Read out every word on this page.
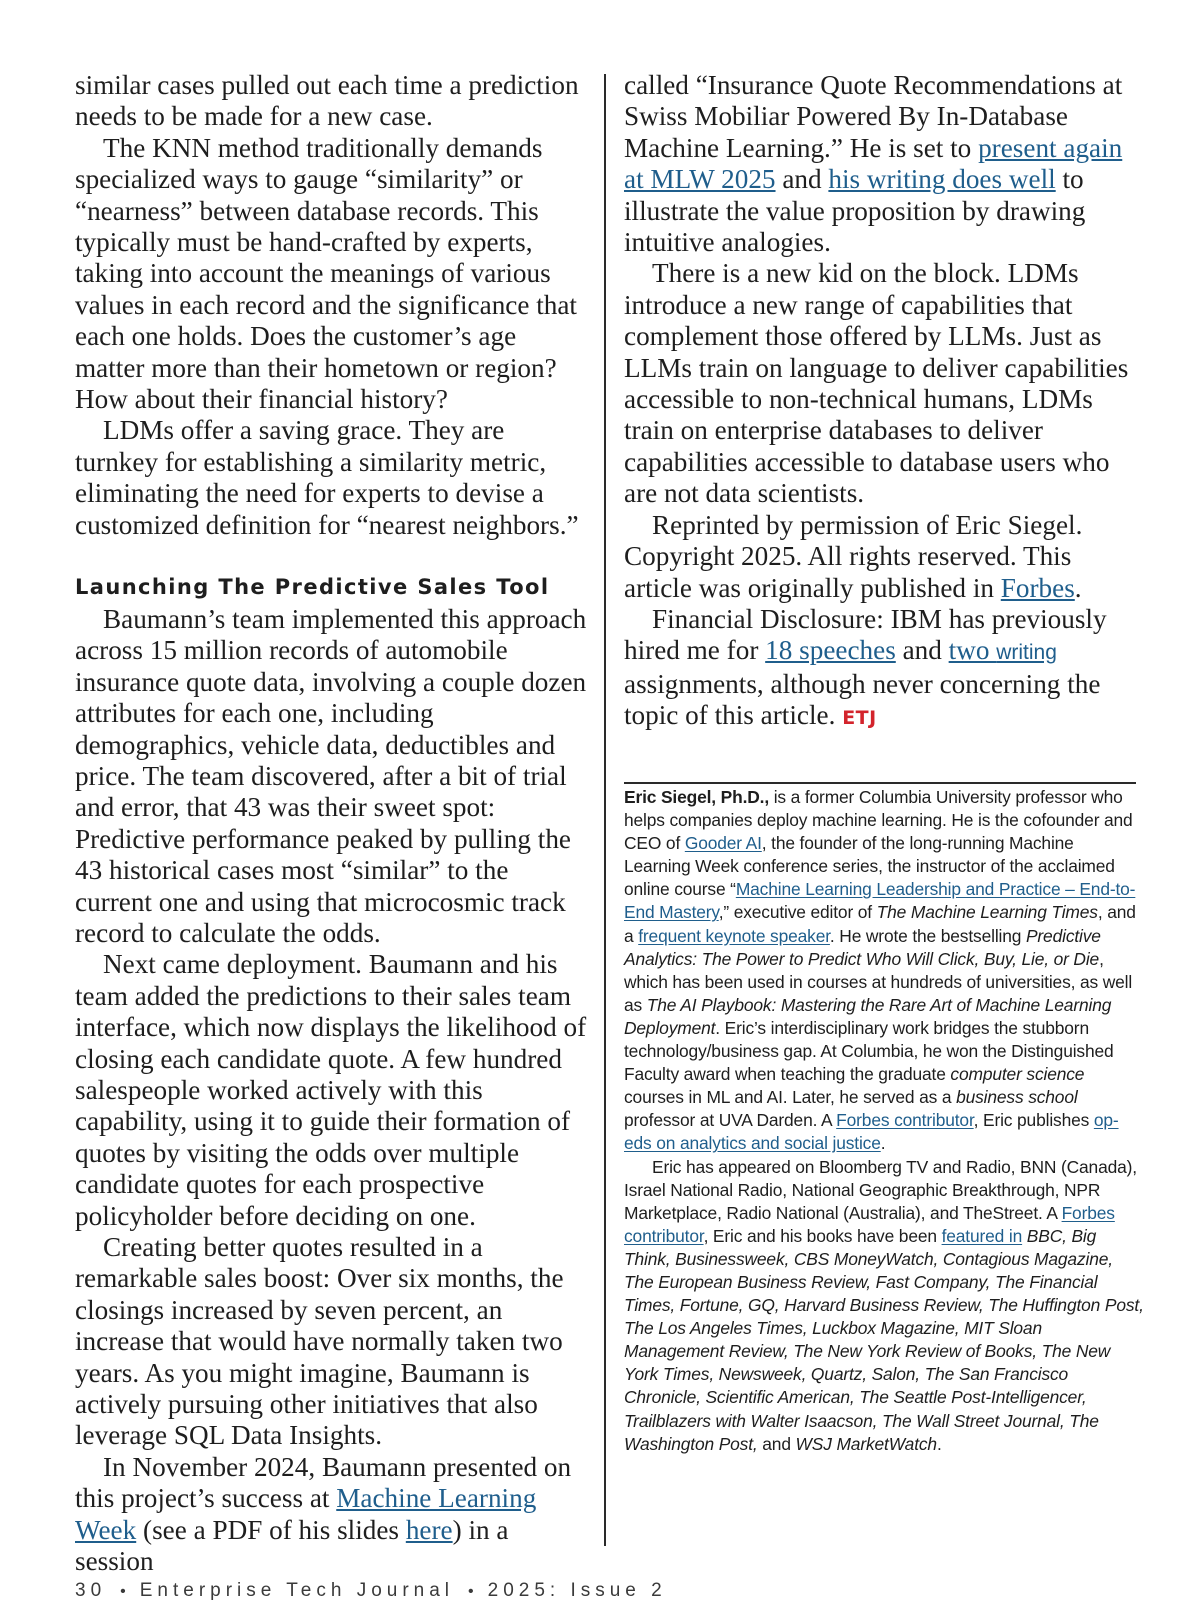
similar cases pulled out each time a prediction needs to be made for a new case.

The KNN method traditionally demands specialized ways to gauge “similarity” or “nearness” between database records. This typically must be hand-crafted by experts, taking into account the meanings of various values in each record and the significance that each one holds. Does the customer’s age matter more than their hometown or region? How about their financial history?

LDMs offer a saving grace. They are turnkey for establishing a similarity metric, eliminating the need for experts to devise a customized definition for “nearest neighbors.”

Launching The Predictive Sales Tool

Baumann’s team implemented this approach across 15 million records of automobile insurance quote data, involving a couple dozen attributes for each one, including demographics, vehicle data, deductibles and price. The team discovered, after a bit of trial and error, that 43 was their sweet spot: Predictive performance peaked by pulling the 43 historical cases most “similar” to the current one and using that microcosmic track record to calculate the odds.

Next came deployment. Baumann and his team added the predictions to their sales team interface, which now displays the likelihood of closing each candidate quote. A few hundred salespeople worked actively with this capability, using it to guide their formation of quotes by visiting the odds over multiple candidate quotes for each prospective policyholder before deciding on one.

Creating better quotes resulted in a remarkable sales boost: Over six months, the closings increased by seven percent, an increase that would have normally taken two years. As you might imagine, Baumann is actively pursuing other initiatives that also leverage SQL Data Insights.

In November 2024, Baumann presented on this project’s success at Machine Learning Week (see a PDF of his slides here) in a session

called “Insurance Quote Recommendations at Swiss Mobiliar Powered By In-Database Machine Learning.” He is set to present again at MLW 2025 and his writing does well to illustrate the value proposition by drawing intuitive analogies.

There is a new kid on the block. LDMs introduce a new range of capabilities that complement those offered by LLMs. Just as LLMs train on language to deliver capabilities accessible to non-technical humans, LDMs train on enterprise databases to deliver capabilities accessible to database users who are not data scientists.

Reprinted by permission of Eric Siegel. Copyright 2025. All rights reserved. This article was originally published in Forbes.

Financial Disclosure: IBM has previously hired me for 18 speeches and two writing assignments, although never concerning the topic of this article. ETJ

Eric Siegel, Ph.D., is a former Columbia University professor who helps companies deploy machine learning. He is the cofounder and CEO of Gooder AI, the founder of the long-running Machine Learning Week conference series, the instructor of the acclaimed online course “Machine Learning Leadership and Practice – End-to-End Mastery,” executive editor of The Machine Learning Times, and a frequent keynote speaker. He wrote the bestselling Predictive Analytics: The Power to Predict Who Will Click, Buy, Lie, or Die, which has been used in courses at hundreds of universities, as well as The AI Playbook: Mastering the Rare Art of Machine Learning Deployment. Eric’s interdisciplinary work bridges the stubborn technology/business gap. At Columbia, he won the Distinguished Faculty award when teaching the graduate computer science courses in ML and AI. Later, he served as a business school professor at UVA Darden. A Forbes contributor, Eric publishes op-eds on analytics and social justice.

Eric has appeared on Bloomberg TV and Radio, BNN (Canada), Israel National Radio, National Geographic Breakthrough, NPR Marketplace, Radio National (Australia), and TheStreet. A Forbes contributor, Eric and his books have been featured in BBC, Big Think, Businessweek, CBS MoneyWatch, Contagious Magazine, The European Business Review, Fast Company, The Financial Times, Fortune, GQ, Harvard Business Review, The Huffington Post, The Los Angeles Times, Luckbox Magazine, MIT Sloan Management Review, The New York Review of Books, The New York Times, Newsweek, Quartz, Salon, The San Francisco Chronicle, Scientific American, The Seattle Post-Intelligencer, Trailblazers with Walter Isaacson, The Wall Street Journal, The Washington Post, and WSJ MarketWatch.

30 • Enterprise Tech Journal • 2025: Issue 2
